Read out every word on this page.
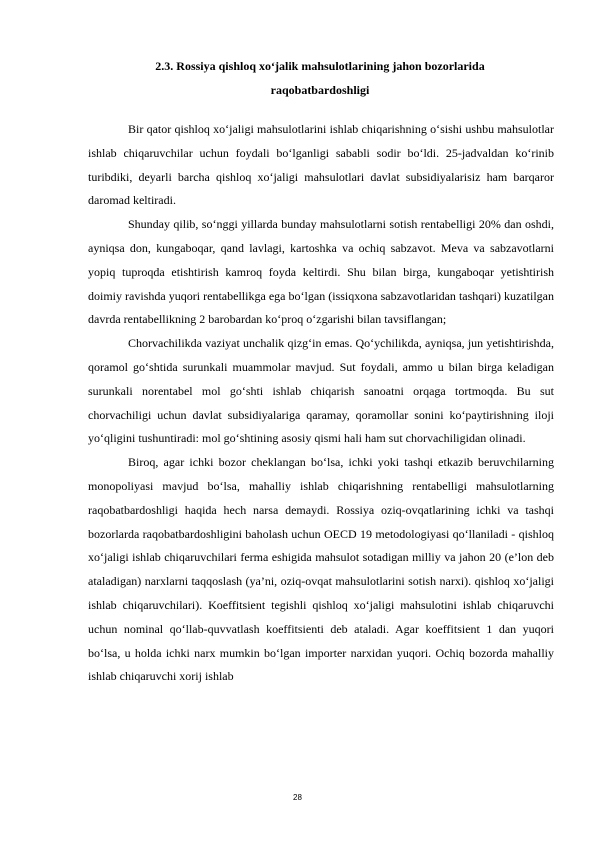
2.3. Rossiya qishloq xo‘jalik mahsulotlarining jahon bozorlarida
raqobatbardoshligi

Bir qator qishloq xo‘jaligi mahsulotlarini ishlab chiqarishning o‘sishi ushbu mahsulotlar ishlab chiqaruvchilar uchun foydali bo‘lganligi sababli sodir bo‘ldi. 25-jadvaldan ko‘rinib turibdiki, deyarli barcha qishloq xo‘jaligi mahsulotlari davlat subsidiyalarisiz ham barqaror daromad keltiradi.

Shunday qilib, so‘nggi yillarda bunday mahsulotlarni sotish rentabelligi 20% dan oshdi, ayniqsa don, kungaboqar, qand lavlagi, kartoshka va ochiq sabzavot. Meva va sabzavotlarni yopiq tuproqda etishtirish kamroq foyda keltirdi. Shu bilan birga, kungaboqar yetishtirish doimiy ravishda yuqori rentabellikga ega bo‘lgan (issiqxona sabzavotlaridan tashqari) kuzatilgan davrda rentabellikning 2 barobardan ko‘proq o‘zgarishi bilan tavsiflangan;

Chorvachilikda vaziyat unchalik qizg‘in emas. Qo‘ychilikda, ayniqsa, jun yetishtirishda, qoramol go‘shtida surunkali muammolar mavjud. Sut foydali, ammo u bilan birga keladigan surunkali norentabel mol go‘shti ishlab chiqarish sanoatni orqaga tortmoqda. Bu sut chorvachiligi uchun davlat subsidiyalariga qaramay, qoramollar sonini ko‘paytirishning iloji yo‘qligini tushuntiradi: mol go‘shtining asosiy qismi hali ham sut chorvachiligidan olinadi.

Biroq, agar ichki bozor cheklangan bo‘lsa, ichki yoki tashqi etkazib beruvchilarning monopoliyasi mavjud bo‘lsa, mahalliy ishlab chiqarishning rentabelligi mahsulotlarning raqobatbardoshligi haqida hech narsa demaydi. Rossiya oziq-ovqatlarining ichki va tashqi bozorlarda raqobatbardoshligini baholash uchun OECD 19 metodologiyasi qo‘llaniladi - qishloq xo‘jaligi ishlab chiqaruvchilari ferma eshigida mahsulot sotadigan milliy va jahon 20 (e’lon deb ataladigan) narxlarni taqqoslash (ya’ni, oziq-ovqat mahsulotlarini sotish narxi). qishloq xo‘jaligi ishlab chiqaruvchilari). Koeffitsient tegishli qishloq xo‘jaligi mahsulotini ishlab chiqaruvchi uchun nominal qo‘llab-quvvatlash koeffitsienti deb ataladi. Agar koeffitsient 1 dan yuqori bo‘lsa, u holda ichki narx mumkin bo‘lgan importer narxidan yuqori. Ochiq bozorda mahalliy ishlab chiqaruvchi xorij ishlab

28
